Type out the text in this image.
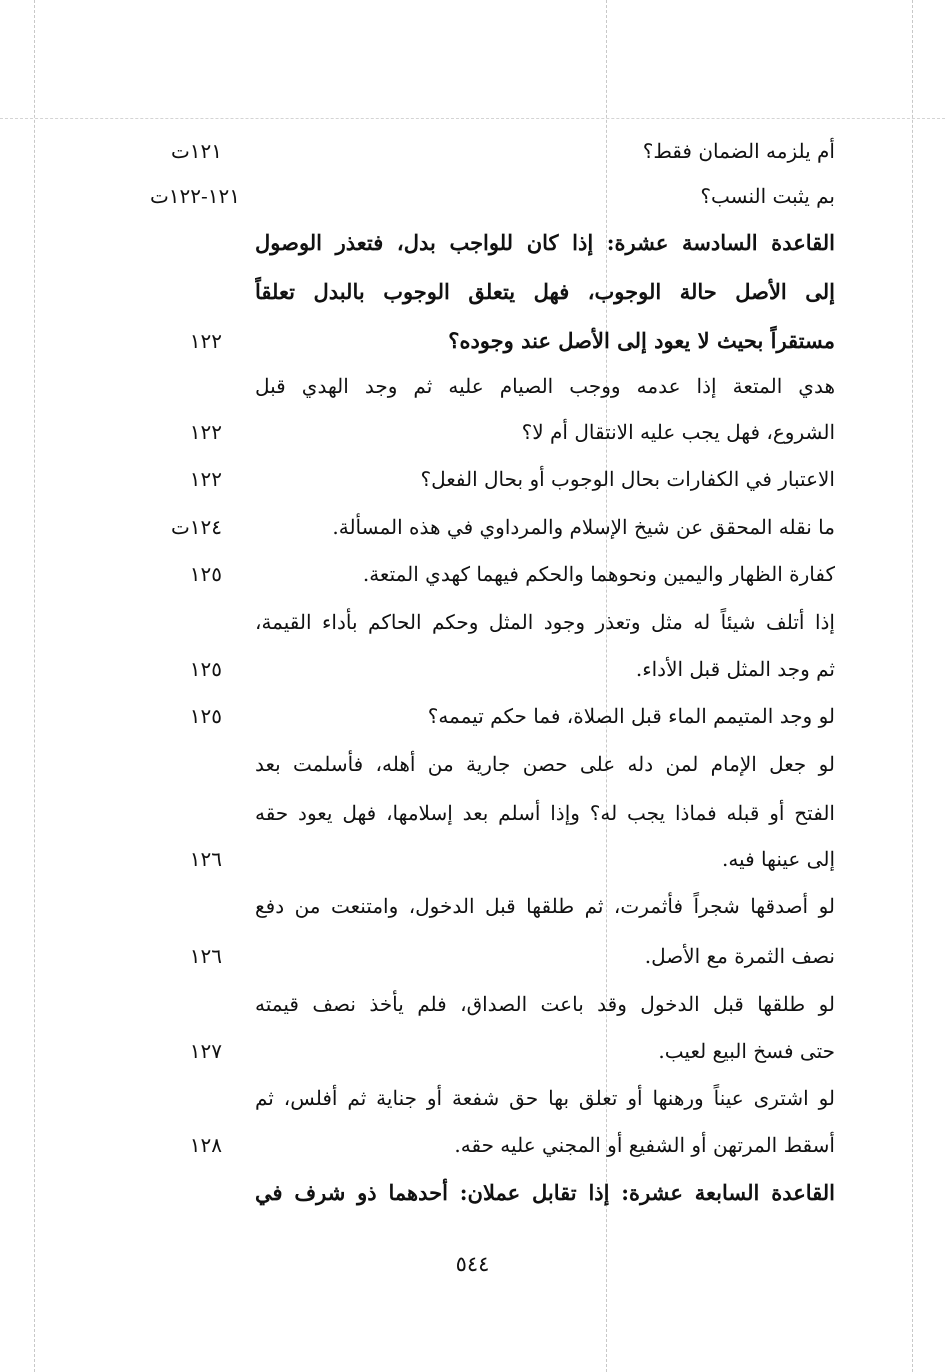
أم يلزمه الضمان فقط؟
١٢١ت
بم يثبت النسب؟
١٢١-١٢٢ت
القاعدة السادسة عشرة: إذا كان للواجب بدل، فتعذر الوصول
إلى الأصل حالة الوجوب، فهل يتعلق الوجوب بالبدل تعلقاً
مستقراً بحيث لا يعود إلى الأصل عند وجوده؟
١٢٢
هدي المتعة إذا عدمه ووجب الصيام عليه ثم وجد الهدي قبل
الشروع، فهل يجب عليه الانتقال أم لا؟
١٢٢
الاعتبار في الكفارات بحال الوجوب أو بحال الفعل؟
١٢٢
ما نقله المحقق عن شيخ الإسلام والمرداوي في هذه المسألة.
١٢٤ت
كفارة الظهار واليمين ونحوهما والحكم فيهما كهدي المتعة.
١٢٥
إذا أتلف شيئاً له مثل وتعذر وجود المثل وحكم الحاكم بأداء القيمة،
ثم وجد المثل قبل الأداء.
١٢٥
لو وجد المتيمم الماء قبل الصلاة، فما حكم تيممه؟
١٢٥
لو جعل الإمام لمن دله على حصن جارية من أهله، فأسلمت بعد
الفتح أو قبله فماذا يجب له؟ وإذا أسلم بعد إسلامها، فهل يعود حقه
إلى عينها فيه.
١٢٦
لو أصدقها شجراً فأثمرت، ثم طلقها قبل الدخول، وامتنعت من دفع
نصف الثمرة مع الأصل.
١٢٦
لو طلقها قبل الدخول وقد باعت الصداق، فلم يأخذ نصف قيمته
حتى فسخ البيع لعيب.
١٢٧
لو اشترى عيناً ورهنها أو تعلق بها حق شفعة أو جناية ثم أفلس، ثم
أسقط المرتهن أو الشفيع أو المجني عليه حقه.
١٢٨
القاعدة السابعة عشرة: إذا تقابل عملان: أحدهما ذو شرف في
٥٤٤
